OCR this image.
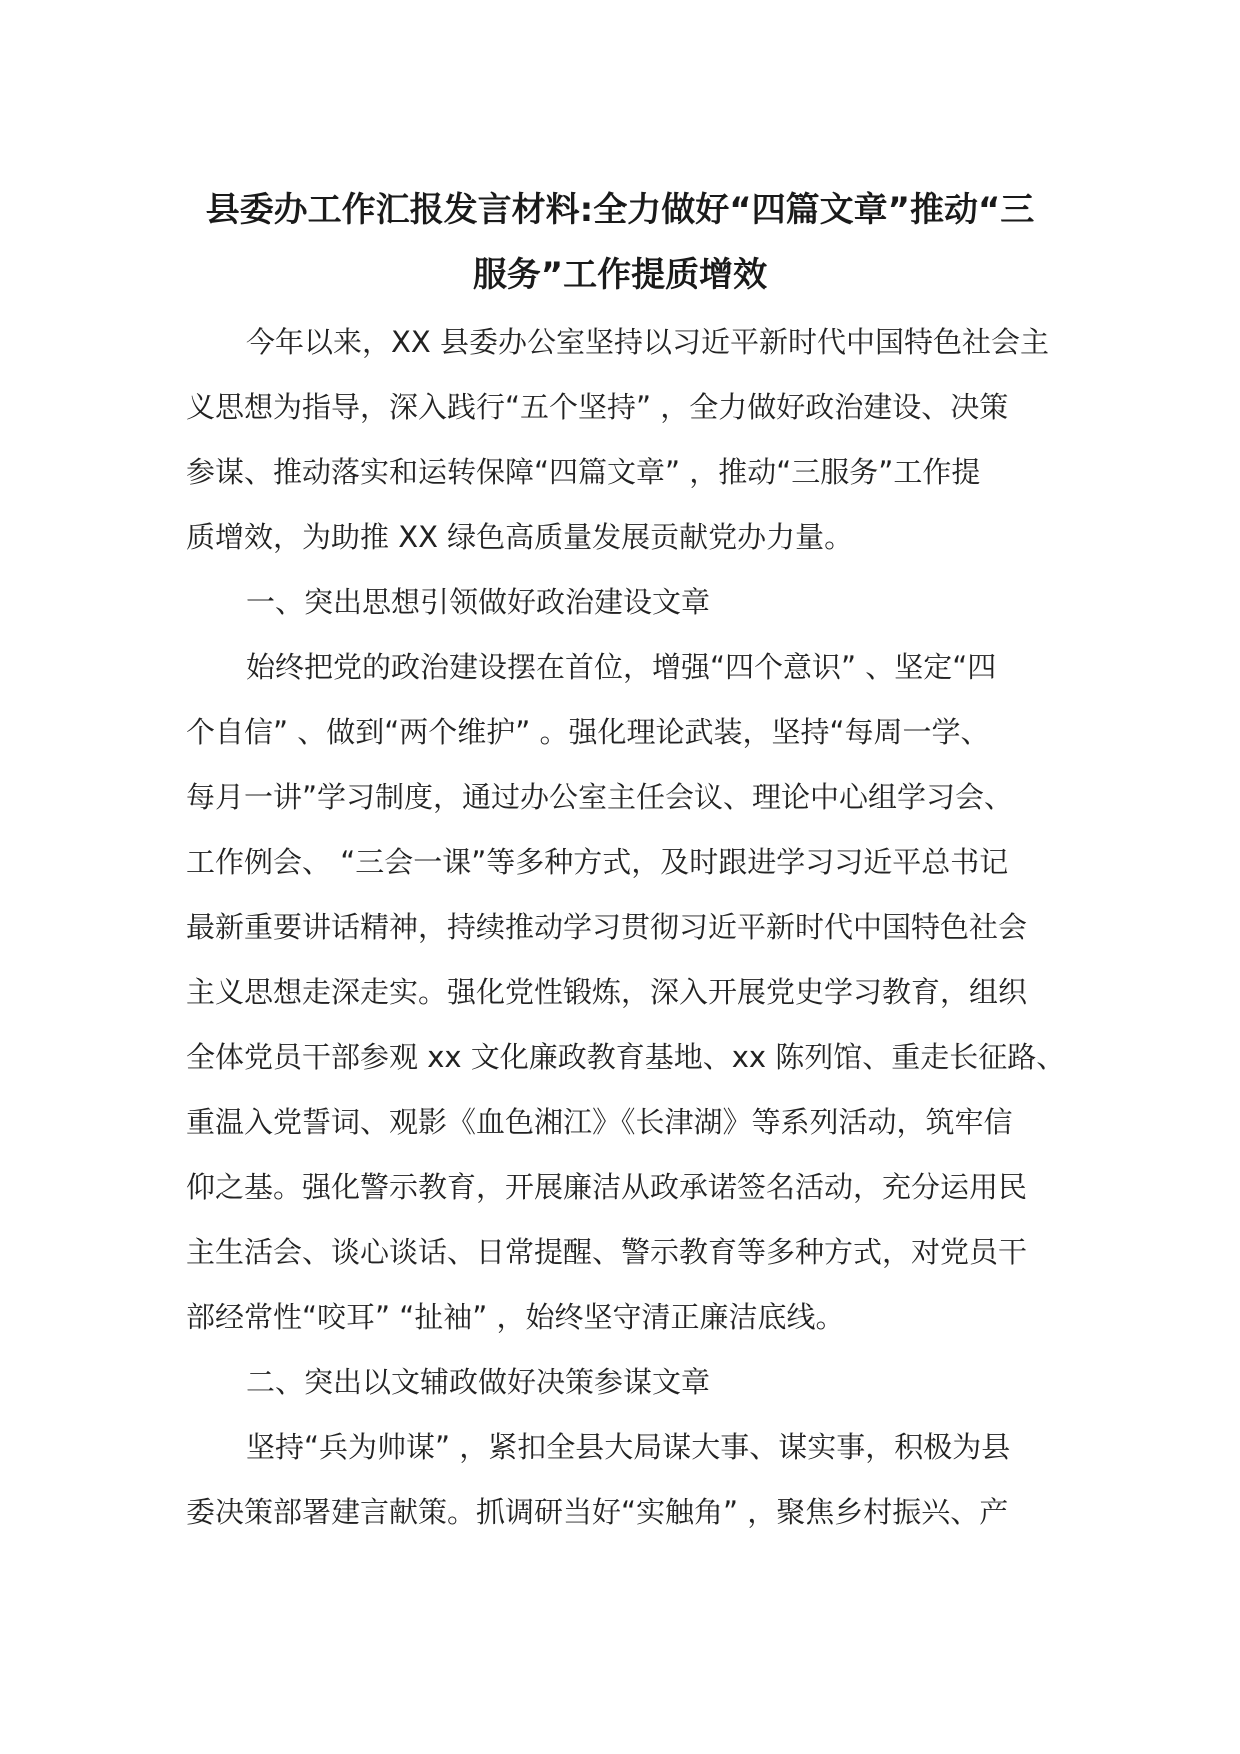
县委办工作汇报发言材料:全力做好“四篇文章”推动“三
服务”工作提质增效
今年以来，XX 县委办公室坚持以习近平新时代中国特色社会主
义思想为指导，深入践行“五个坚持” ，全力做好政治建设、决策
参谋、推动落实和运转保障“四篇文章” ，推动“三服务”工作提
质增效，为助推 XX 绿色高质量发展贡献党办力量。
一、突出思想引领做好政治建设文章
始终把党的政治建设摆在首位，增强“四个意识” 、坚定“四
个自信” 、做到“两个维护” 。强化理论武装，坚持“每周一学、
每月一讲”学习制度，通过办公室主任会议、理论中心组学习会、
工作例会、 “三会一课”等多种方式，及时跟进学习习近平总书记
最新重要讲话精神，持续推动学习贯彻习近平新时代中国特色社会
主义思想走深走实。强化党性锻炼，深入开展党史学习教育，组织
全体党员干部参观 xx 文化廉政教育基地、xx 陈列馆、重走长征路、
重温入党誓词、观影《血色湘江》《长津湖》等系列活动，筑牢信
仰之基。强化警示教育，开展廉洁从政承诺签名活动，充分运用民
主生活会、谈心谈话、日常提醒、警示教育等多种方式，对党员干
部经常性“咬耳” “扯袖” ，始终坚守清正廉洁底线。
二、突出以文辅政做好决策参谋文章
坚持“兵为帅谋” ，紧扣全县大局谋大事、谋实事，积极为县
委决策部署建言献策。抓调研当好“实触角” ，聚焦乡村振兴、产
